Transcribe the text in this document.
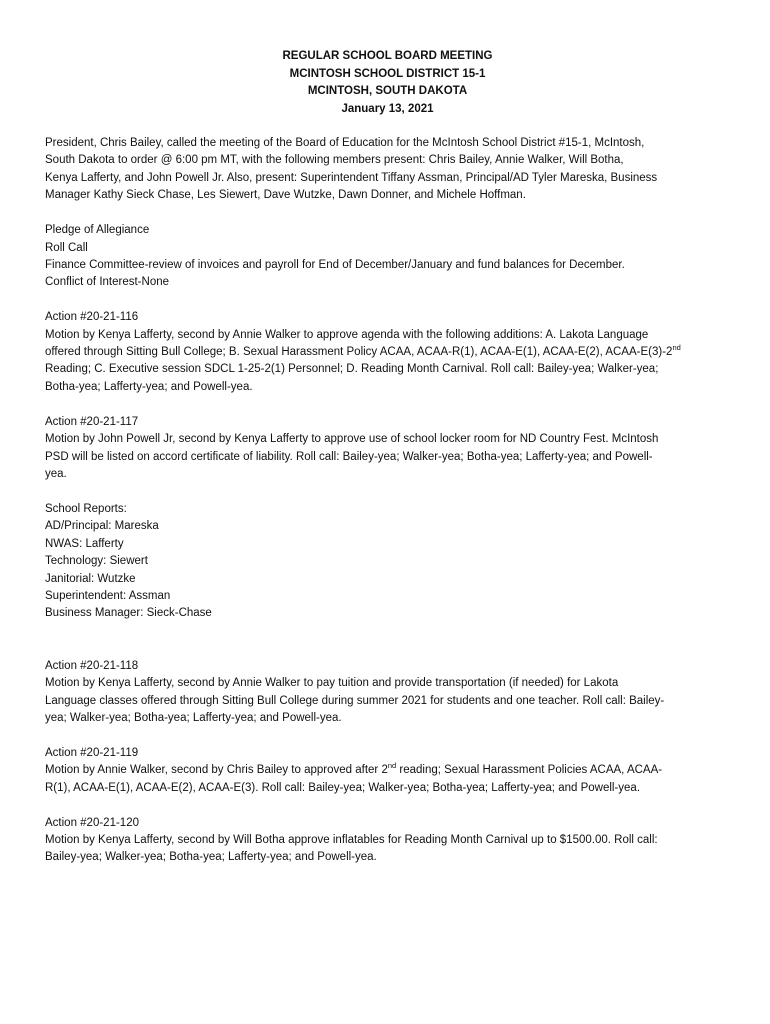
REGULAR SCHOOL BOARD MEETING
MCINTOSH SCHOOL DISTRICT 15-1
MCINTOSH, SOUTH DAKOTA
January 13, 2021
President, Chris Bailey, called the meeting of the Board of Education for the McIntosh School District #15-1, McIntosh,
South Dakota to order @ 6:00 pm MT, with the following members present: Chris Bailey, Annie Walker, Will Botha,
Kenya Lafferty, and John Powell Jr. Also, present: Superintendent Tiffany Assman, Principal/AD Tyler Mareska, Business
Manager Kathy Sieck Chase, Les Siewert, Dave Wutzke, Dawn Donner, and Michele Hoffman.
Pledge of Allegiance
Roll Call
Finance Committee-review of invoices and payroll for End of December/January and fund balances for December.
Conflict of Interest-None
Action #20-21-116
Motion by Kenya Lafferty, second by Annie Walker to approve agenda with the following additions: A. Lakota Language
offered through Sitting Bull College; B. Sexual Harassment Policy ACAA, ACAA-R(1), ACAA-E(1), ACAA-E(2), ACAA-E(3)-2nd
Reading; C. Executive session SDCL 1-25-2(1) Personnel; D. Reading Month Carnival. Roll call: Bailey-yea; Walker-yea;
Botha-yea; Lafferty-yea; and Powell-yea.
Action #20-21-117
Motion by John Powell Jr, second by Kenya Lafferty to approve use of school locker room for ND Country Fest. McIntosh
PSD will be listed on accord certificate of liability. Roll call: Bailey-yea; Walker-yea; Botha-yea; Lafferty-yea; and Powell-
yea.
School Reports:
AD/Principal: Mareska
NWAS: Lafferty
Technology: Siewert
Janitorial: Wutzke
Superintendent: Assman
Business Manager: Sieck-Chase
Action #20-21-118
Motion by Kenya Lafferty, second by Annie Walker to pay tuition and provide transportation (if needed) for Lakota
Language classes offered through Sitting Bull College during summer 2021 for students and one teacher. Roll call: Bailey-
yea; Walker-yea; Botha-yea; Lafferty-yea; and Powell-yea.
Action #20-21-119
Motion by Annie Walker, second by Chris Bailey to approved after 2nd reading; Sexual Harassment Policies ACAA, ACAA-
R(1), ACAA-E(1), ACAA-E(2), ACAA-E(3). Roll call: Bailey-yea; Walker-yea; Botha-yea; Lafferty-yea; and Powell-yea.
Action #20-21-120
Motion by Kenya Lafferty, second by Will Botha approve inflatables for Reading Month Carnival up to $1500.00. Roll call:
Bailey-yea; Walker-yea; Botha-yea; Lafferty-yea; and Powell-yea.
